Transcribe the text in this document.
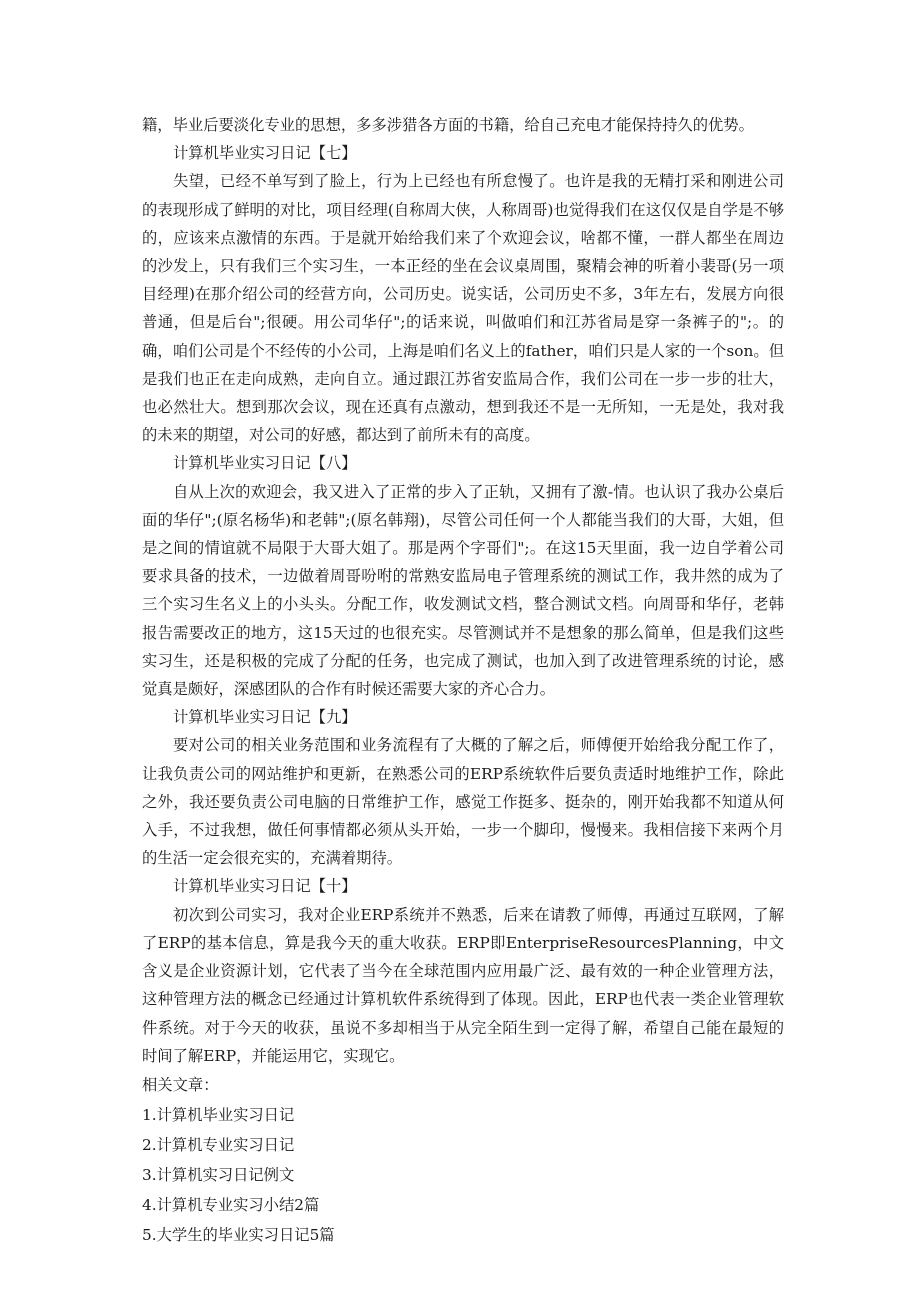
籍，毕业后要淡化专业的思想，多多涉猎各方面的书籍，给自己充电才能保持持久的优势。

计算机毕业实习日记【七】

失望，已经不单写到了脸上，行为上已经也有所怠慢了。也许是我的无精打采和刚进公司的表现形成了鲜明的对比，项目经理(自称周大侠，人称周哥)也觉得我们在这仅仅是自学是不够的，应该来点激情的东西。于是就开始给我们来了个欢迎会议，啥都不懂，一群人都坐在周边的沙发上，只有我们三个实习生，一本正经的坐在会议桌周围，聚精会神的听着小裴哥(另一项目经理)在那介绍公司的经营方向，公司历史。说实话，公司历史不多，3年左右，发展方向很普通，但是后台";很硬。用公司华仔";的话来说，叫做咱们和江苏省局是穿一条裤子的";。的确，咱们公司是个不经传的小公司，上海是咱们名义上的father，咱们只是人家的一个son。但是我们也正在走向成熟，走向自立。通过跟江苏省安监局合作，我们公司在一步一步的壮大，也必然壮大。想到那次会议，现在还真有点激动，想到我还不是一无所知，一无是处，我对我的未来的期望，对公司的好感，都达到了前所未有的高度。

计算机毕业实习日记【八】

自从上次的欢迎会，我又进入了正常的步入了正轨，又拥有了激-情。也认识了我办公桌后面的华仔";(原名杨华)和老韩";(原名韩翔)，尽管公司任何一个人都能当我们的大哥，大姐，但是之间的情谊就不局限于大哥大姐了。那是两个字哥们";。在这15天里面，我一边自学着公司要求具备的技术，一边做着周哥吩咐的常熟安监局电子管理系统的测试工作，我井然的成为了三个实习生名义上的小头头。分配工作，收发测试文档，整合测试文档。向周哥和华仔，老韩报告需要改正的地方，这15天过的也很充实。尽管测试并不是想象的那么简单，但是我们这些实习生，还是积极的完成了分配的任务，也完成了测试，也加入到了改进管理系统的讨论，感觉真是颇好，深感团队的合作有时候还需要大家的齐心合力。

计算机毕业实习日记【九】

要对公司的相关业务范围和业务流程有了大概的了解之后，师傅便开始给我分配工作了，让我负责公司的网站维护和更新，在熟悉公司的ERP系统软件后要负责适时地维护工作，除此之外，我还要负责公司电脑的日常维护工作，感觉工作挺多、挺杂的，刚开始我都不知道从何入手，不过我想，做任何事情都必须从头开始，一步一个脚印，慢慢来。我相信接下来两个月的生活一定会很充实的，充满着期待。

计算机毕业实习日记【十】

初次到公司实习，我对企业ERP系统并不熟悉，后来在请教了师傅，再通过互联网，了解了ERP的基本信息，算是我今天的重大收获。ERP即EnterpriseResourcesPlanning，中文含义是企业资源计划，它代表了当今在全球范围内应用最广泛、最有效的一种企业管理方法，这种管理方法的概念已经通过计算机软件系统得到了体现。因此，ERP也代表一类企业管理软件系统。对于今天的收获，虽说不多却相当于从完全陌生到一定得了解，希望自己能在最短的时间了解ERP，并能运用它，实现它。

相关文章：

1.计算机毕业实习日记
2.计算机专业实习日记
3.计算机实习日记例文
4.计算机专业实习小结2篇
5.大学生的毕业实习日记5篇
